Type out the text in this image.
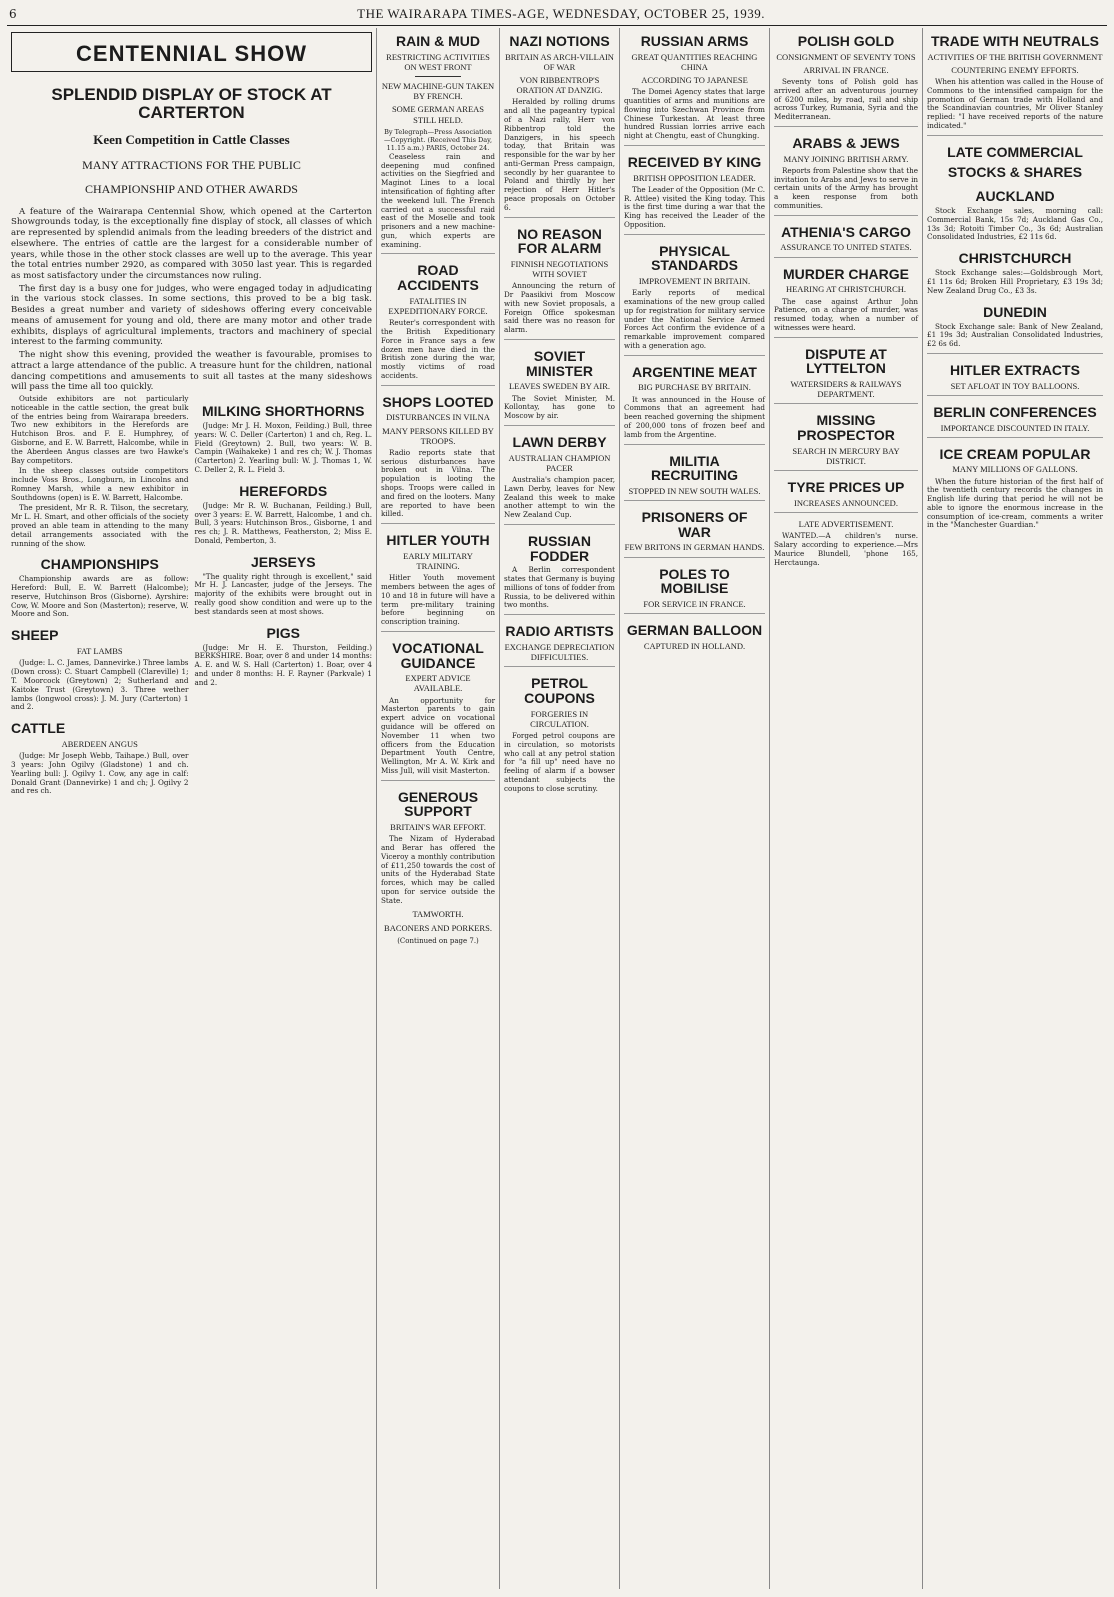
6	THE WAIRARAPA TIMES-AGE, WEDNESDAY, OCTOBER 25, 1939.
CENTENNIAL SHOW
SPLENDID DISPLAY OF STOCK AT CARTERTON
Keen Competition in Cattle Classes
MANY ATTRACTIONS FOR THE PUBLIC
CHAMPIONSHIP AND OTHER AWARDS

A feature of the Wairarapa Centennial Show, which opened at the Carterton Showgrounds today, is the exceptionally fine display of stock, all classes of which are represented by splendid animals from the leading breeders of the district and elsewhere. The entries of cattle are the largest for a considerable number of years, while those in the other stock classes are well up to the average. This year the total entries number 2920, as compared with 3050 last year. This is regarded as most satisfactory under the circumstances now ruling.

The first day is a busy one for judges, who were engaged today in adjudicating in the various stock classes. In some sections, this proved to be a big task. Besides a great number and variety of sideshows offering every conceivable means of amusement for young and old, there are many motor and other trade exhibits, displays of agricultural implements, tractors and machinery of special interest to the farming community.

The night show this evening, provided the weather is favourable, promises to attract a large attendance of the public. A treasure hunt for the children, national dancing competitions and amusements to suit all tastes at the many sideshows will pass the time all too quickly.

Outside exhibitors are not particularly noticeable in the cattle section, the great bulk of the entries being from Wairarapa breeders. Two new exhibitors in the Herefords are Hutchison Bros. and F. E. Humphrey, of Gisborne, and E. W. Barrett, Halcombe, while in the Aberdeen Angus classes are two Hawke's Bay competitors.

In the sheep classes outside competitors include Voss Bros., Longburn, in Lincolns and Romney Marsh, while a new exhibitor in Southdowns (open) is E. W. Barrett, Halcombe.

The president, Mr R. R. Tilson, the secretary, Mr L. H. Smart, and other officials of the society proved an able team in attending to the many detail arrangements associated with the running of the show.

CHAMPIONSHIPS

Championship awards are as follow: Hereford: Bull, E. W. Barrett (Halcombe); reserve, Hutchinson Bros (Gisborne). Ayrshire: Cow, W. Moore and Son (Masterton); reserve, W. Moore and Son.

SHEEP
FAT LAMBS

(Judge: L. C. James, Dannevirke.) Three lambs (Down cross): C. Stuart Campbell (Clareville) 1; T. Moorcock (Greytown) 2; Sutherland and Kaitoke Trust (Greytown) 3. Three wether lambs (longwool cross): J. M. Jury (Carterton) 1 and 2.

CATTLE
ABERDEEN ANGUS

(Judge: Mr Joseph Webb, Taihape.) Bull, over 3 years: John Ogilvy (Gladstone) 1 and ch. Yearling bull: J. Ogilvy 1. Cow, any age in calf: Donald Grant (Dannevirke) 1 and ch; J. Ogilvy 2 and res ch.

MILKING SHORTHORNS

(Judge: Mr J. H. Moxon, Feilding.) Bull, three years: W. C. Deller (Carterton) 1 and ch, Reg. L. Field (Greytown) 2. Bull, two years: W. B. Campin (Waihakeke) 1 and res ch; W. J. Thomas (Carterton) 2. Yearling bull: W. J. Thomas 1, W. C. Deller 2, R. L. Field 3.

HEREFORDS

(Judge: Mr R. W. Buchanan, Feilding.) Bull, over 3 years: E. W. Barrett, Halcombe, 1 and ch. Bull, 3 years: Hutchinson Bros., Gisborne, 1 and res ch; J. R. Matthews, Featherston, 2; Miss E. Donald, Pemberton, 3.

JERSEYS

"The quality right through is excellent," said Mr H. J. Lancaster, judge of the Jerseys. The majority of the exhibits were brought out in really good show condition and were up to the best standards seen at most shows.

PIGS

(Judge: Mr H. E. Thurston, Feilding.) BERKSHIRE. Boar, over 8 and under 14 months: A. E. and W. S. Hall (Carterton) 1. Boar, over 4 and under 8 months: H. F. Rayner (Parkvale) 1 and 2.

RAIN & MUD
RESTRICTING ACTIVITIES ON WEST FRONT
NEW MACHINE-GUN TAKEN BY FRENCH.
SOME GERMAN AREAS STILL HELD.
By Telegraph—Press Association—Copyright. (Received This Day, 11.15 a.m.) PARIS, October 24.

Ceaseless rain and deepening mud confined activities on the Siegfried and Maginot Lines to a local intensification of fighting after the weekend lull. The French carried out a successful raid east of the Moselle and took prisoners and a new machine-gun, which experts are examining.

ROAD ACCIDENTS
FATALITIES IN EXPEDITIONARY FORCE.

Reuter's correspondent with the British Expeditionary Force in France says a few dozen men have died in the British zone during the war, mostly victims of road accidents.

SHOPS LOOTED
DISTURBANCES IN VILNA
MANY PERSONS KILLED BY TROOPS.

Radio reports state that serious disturbances have broken out in Vilna. The population is looting the shops. Troops were called in and fired on the looters. Many are reported to have been killed.

HITLER YOUTH
EARLY MILITARY TRAINING.

Hitler Youth movement members between the ages of 10 and 18 in future will have a term pre-military training before beginning on conscription training.

VOCATIONAL GUIDANCE
EXPERT ADVICE AVAILABLE.

An opportunity for Masterton parents to gain expert advice on vocational guidance will be offered on November 11 when two officers from the Education Department Youth Centre, Wellington, Mr A. W. Kirk and Miss Jull, will visit Masterton.

GENEROUS SUPPORT
BRITAIN'S WAR EFFORT.

The Nizam of Hyderabad and Berar has offered the Viceroy a monthly contribution of £11,250 towards the cost of units of the Hyderabad State forces, which may be called upon for service outside the State.

TAMWORTH.
BACONERS AND PORKERS.
(Continued on page 7.)
NAZI NOTIONS
BRITAIN AS ARCH-VILLAIN OF WAR
VON RIBBENTROP'S ORATION AT DANZIG.

Heralded by rolling drums and all the pageantry typical of a Nazi rally, Herr von Ribbentrop told the Danzigers, in his speech today, that Britain was responsible for the war by her anti-German Press campaign, secondly by her guarantee to Poland and thirdly by her rejection of Herr Hitler's peace proposals on October 6.

NO REASON FOR ALARM
FINNISH NEGOTIATIONS WITH SOVIET

Announcing the return of Dr Paasikivi from Moscow with new Soviet proposals, a Foreign Office spokesman said there was no reason for alarm.

SOVIET MINISTER
LEAVES SWEDEN BY AIR.

The Soviet Minister, M. Kollontay, has gone to Moscow by air.

LAWN DERBY
AUSTRALIAN CHAMPION PACER

Australia's champion pacer, Lawn Derby, leaves for New Zealand this week to make another attempt to win the New Zealand Cup.

RUSSIAN FODDER

A Berlin correspondent states that Germany is buying millions of tons of fodder from Russia, to be delivered within two months.

RADIO ARTISTS
EXCHANGE DEPRECIATION DIFFICULTIES.
PETROL COUPONS
FORGERIES IN CIRCULATION.

Forged petrol coupons are in circulation, so motorists who call at any petrol station for "a fill up" need have no feeling of alarm if a bowser attendant subjects the coupons to close scrutiny.

RUSSIAN ARMS
GREAT QUANTITIES REACHING CHINA
ACCORDING TO JAPANESE

The Domei Agency states that large quantities of arms and munitions are flowing into Szechwan Province from Chinese Turkestan. At least three hundred Russian lorries arrive each night at Chengtu, east of Chungking.

RECEIVED BY KING
BRITISH OPPOSITION LEADER.

The Leader of the Opposition (Mr C. R. Attlee) visited the King today. This is the first time during a war that the King has received the Leader of the Opposition.

PHYSICAL STANDARDS
IMPROVEMENT IN BRITAIN.

Early reports of medical examinations of the new group called up for registration for military service under the National Service Armed Forces Act confirm the evidence of a remarkable improvement compared with a generation ago.

ARGENTINE MEAT
BIG PURCHASE BY BRITAIN.

It was announced in the House of Commons that an agreement had been reached governing the shipment of 200,000 tons of frozen beef and lamb from the Argentine.

MILITIA RECRUITING
STOPPED IN NEW SOUTH WALES.
PRISONERS OF WAR
FEW BRITONS IN GERMAN HANDS.
POLES TO MOBILISE
FOR SERVICE IN FRANCE.
GERMAN BALLOON
CAPTURED IN HOLLAND.
POLISH GOLD
CONSIGNMENT OF SEVENTY TONS
ARRIVAL IN FRANCE.

Seventy tons of Polish gold has arrived after an adventurous journey of 6200 miles, by road, rail and ship across Turkey, Rumania, Syria and the Mediterranean.

ARABS & JEWS
MANY JOINING BRITISH ARMY.

Reports from Palestine show that the invitation to Arabs and Jews to serve in certain units of the Army has brought a keen response from both communities.

ATHENIA'S CARGO
ASSURANCE TO UNITED STATES.
MURDER CHARGE
HEARING AT CHRISTCHURCH.

The case against Arthur John Patience, on a charge of murder, was resumed today, when a number of witnesses were heard.

DISPUTE AT LYTTELTON
WATERSIDERS & RAILWAYS DEPARTMENT.
MISSING PROSPECTOR
SEARCH IN MERCURY BAY DISTRICT.
TYRE PRICES UP
INCREASES ANNOUNCED.
LATE ADVERTISEMENT.

WANTED.—A children's nurse. Salary according to experience.—Mrs Maurice Blundell, 'phone 165, Herctaunga.

TRADE WITH NEUTRALS
ACTIVITIES OF THE BRITISH GOVERNMENT
COUNTERING ENEMY EFFORTS.

When his attention was called in the House of Commons to the intensified campaign for the promotion of German trade with Holland and the Scandinavian countries, Mr Oliver Stanley replied: "I have received reports of the nature indicated."

LATE COMMERCIAL
STOCKS & SHARES
AUCKLAND

Stock Exchange sales, morning call: Commercial Bank, 15s 7d; Auckland Gas Co., 13s 3d; Rotoiti Timber Co., 3s 6d; Australian Consolidated Industries, £2 11s 6d.

CHRISTCHURCH

Stock Exchange sales:—Goldsbrough Mort, £1 11s 6d; Broken Hill Proprietary, £3 19s 3d; New Zealand Drug Co., £3 3s.

DUNEDIN

Stock Exchange sale: Bank of New Zealand, £1 19s 3d; Australian Consolidated Industries, £2 6s 6d.

HITLER EXTRACTS
SET AFLOAT IN TOY BALLOONS.
BERLIN CONFERENCES
IMPORTANCE DISCOUNTED IN ITALY.
ICE CREAM POPULAR
MANY MILLIONS OF GALLONS.

When the future historian of the first half of the twentieth century records the changes in English life during that period he will not be able to ignore the enormous increase in the consumption of ice-cream, comments a writer in the "Manchester Guardian."
